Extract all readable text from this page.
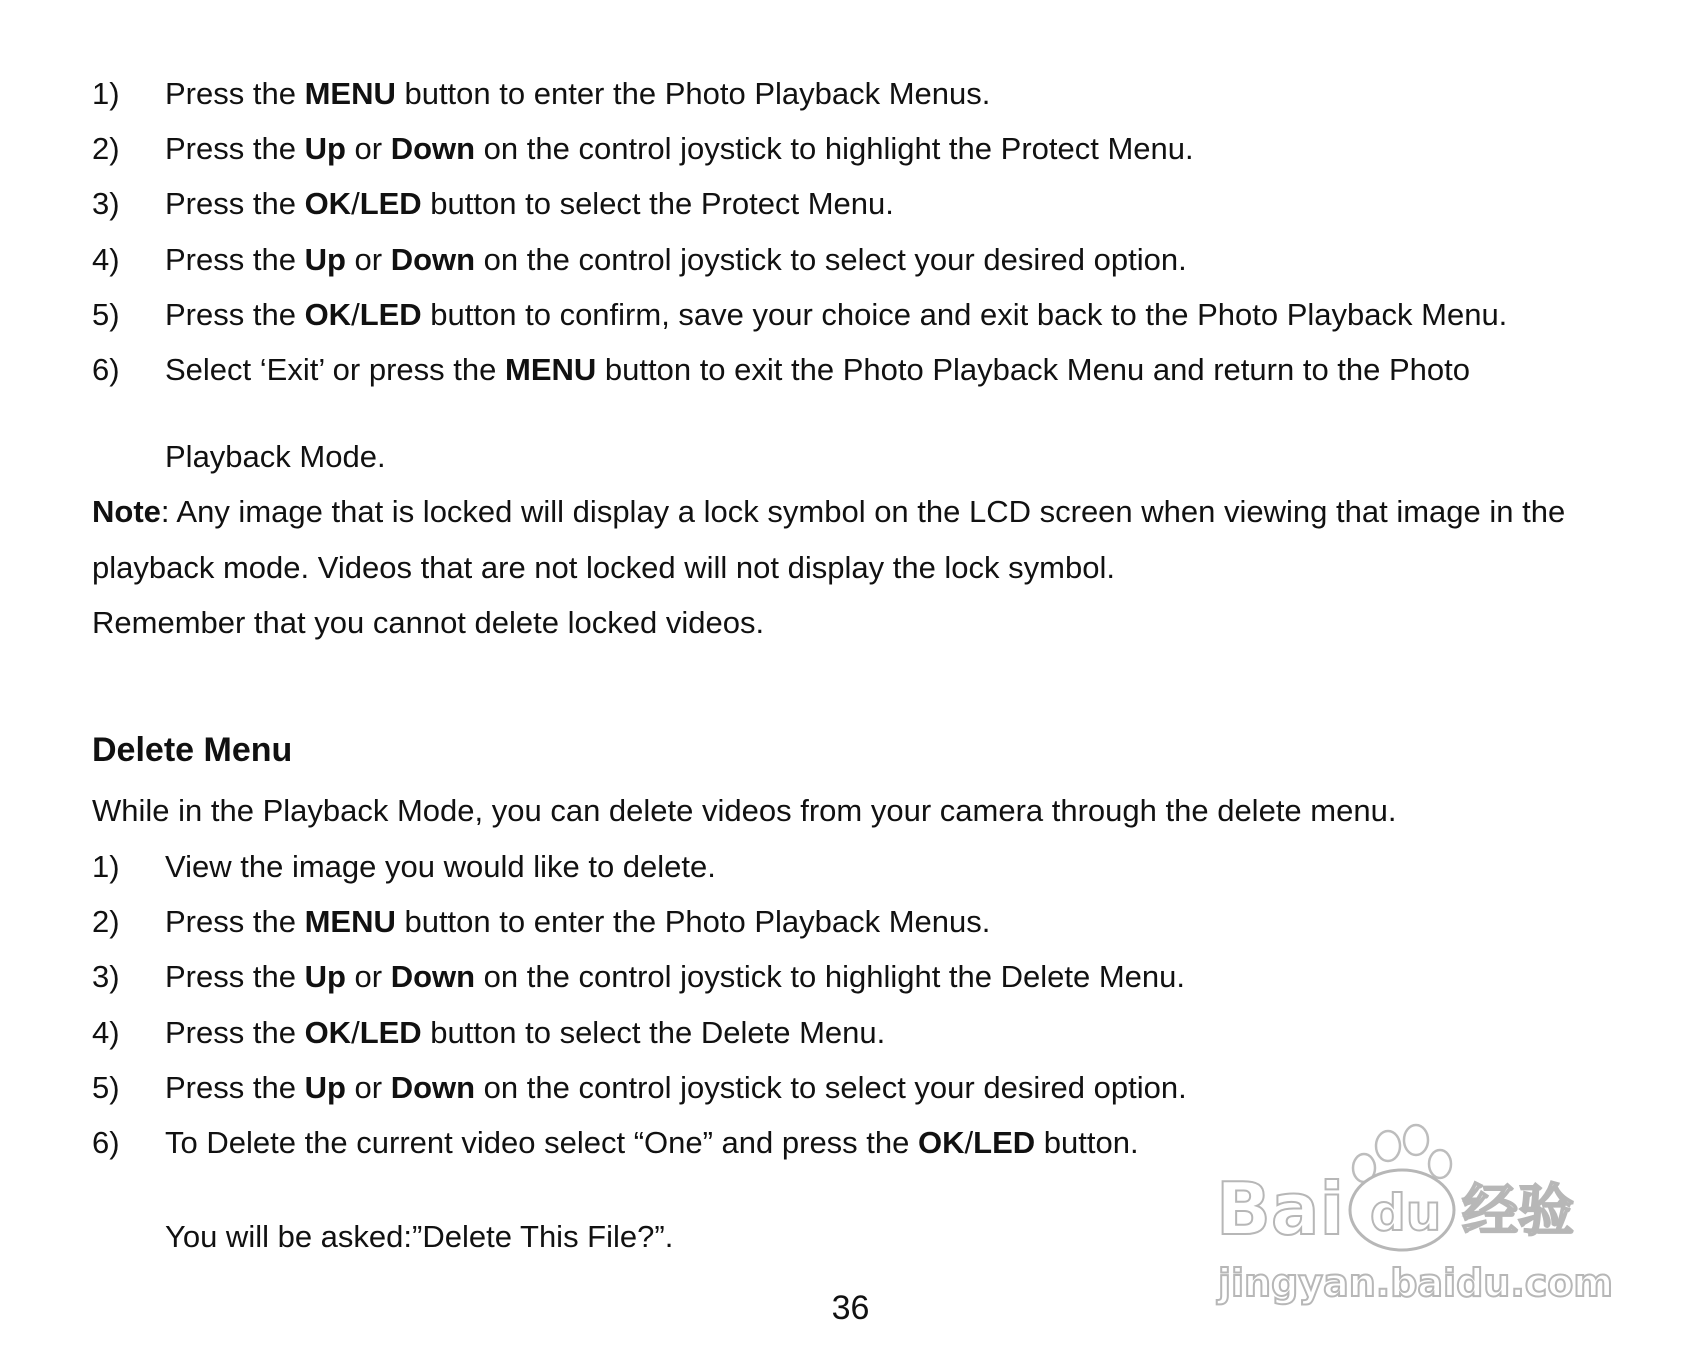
1) Press the MENU button to enter the Photo Playback Menus.
2) Press the Up or Down on the control joystick to highlight the Protect Menu.
3) Press the OK/LED button to select the Protect Menu.
4) Press the Up or Down on the control joystick to select your desired option.
5) Press the OK/LED button to confirm, save your choice and exit back to the Photo Playback Menu.
6) Select ‘Exit’ or press the MENU button to exit the Photo Playback Menu and return to the Photo
Playback Mode.
Note: Any image that is locked will display a lock symbol on the LCD screen when viewing that image in the
playback mode. Videos that are not locked will not display the lock symbol.
Remember that you cannot delete locked videos.
Delete Menu
While in the Playback Mode, you can delete videos from your camera through the delete menu.
1) View the image you would like to delete.
2) Press the MENU button to enter the Photo Playback Menus.
3) Press the Up or Down on the control joystick to highlight the Delete Menu.
4) Press the OK/LED button to select the Delete Menu.
5) Press the Up or Down on the control joystick to select your desired option.
6) To Delete the current video select “One” and press the OK/LED button.
You will be asked:”Delete This File?”.
36
Bai du 经验
jingyan.baidu.com
